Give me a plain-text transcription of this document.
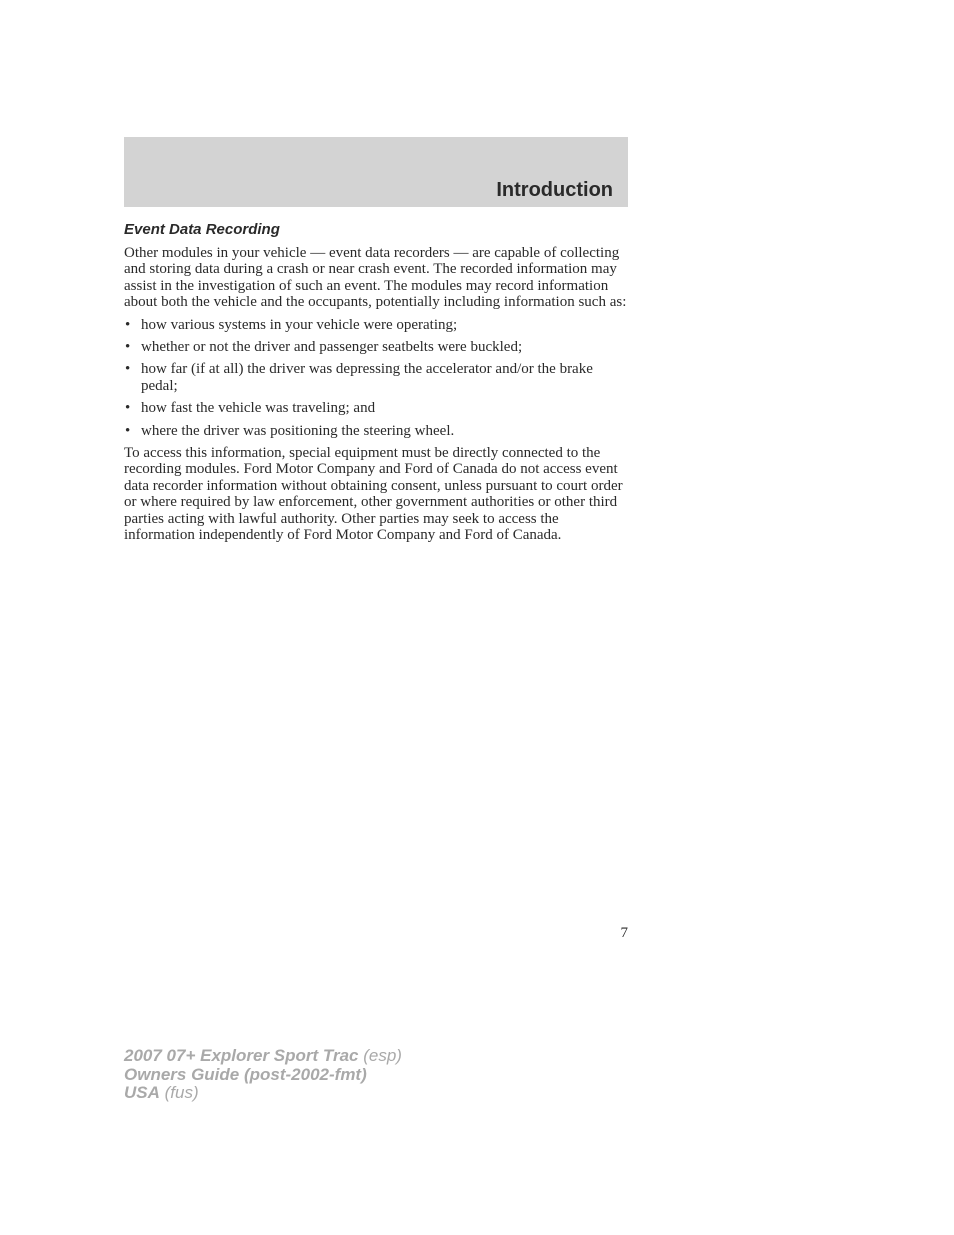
Introduction
Event Data Recording

Other modules in your vehicle — event data recorders — are capable of collecting and storing data during a crash or near crash event. The recorded information may assist in the investigation of such an event. The modules may record information about both the vehicle and the occupants, potentially including information such as:

• how various systems in your vehicle were operating;
• whether or not the driver and passenger seatbelts were buckled;
• how far (if at all) the driver was depressing the accelerator and/or the brake pedal;
• how fast the vehicle was traveling; and
• where the driver was positioning the steering wheel.

To access this information, special equipment must be directly connected to the recording modules. Ford Motor Company and Ford of Canada do not access event data recorder information without obtaining consent, unless pursuant to court order or where required by law enforcement, other government authorities or other third parties acting with lawful authority. Other parties may seek to access the information independently of Ford Motor Company and Ford of Canada.

7

2007 07+ Explorer Sport Trac (esp)
Owners Guide (post-2002-fmt)
USA (fus)
